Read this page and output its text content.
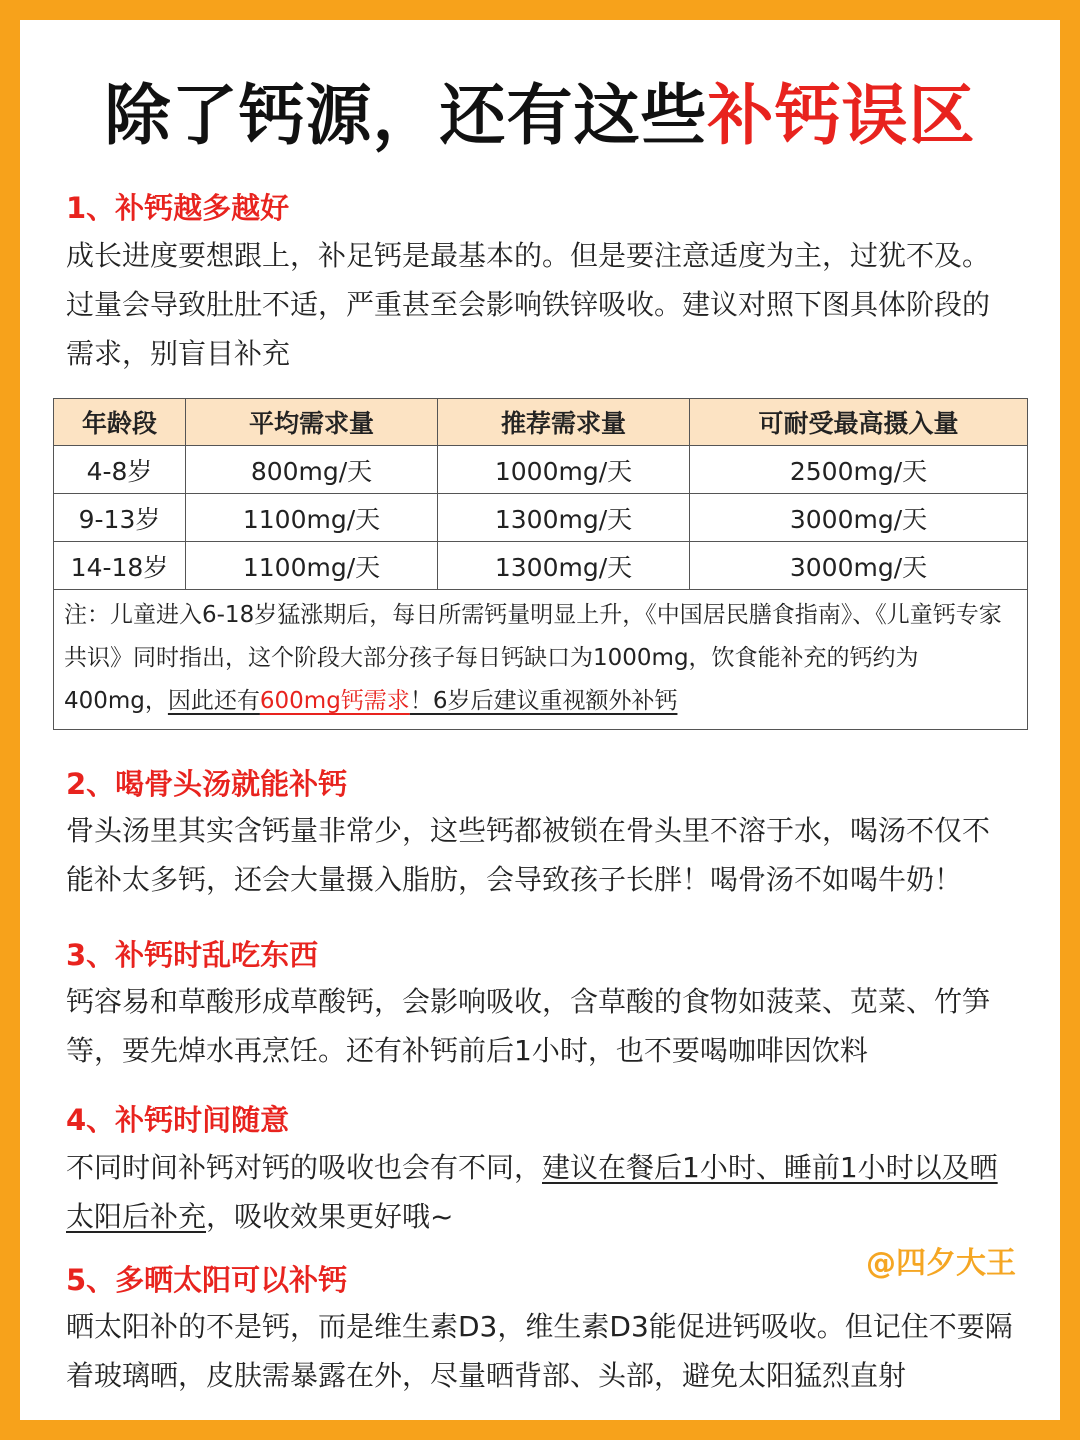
除了钙源，还有这些补钙误区
1、补钙越多越好
成长进度要想跟上，补足钙是最基本的。但是要注意适度为主，过犹不及。过量会导致肚肚不适，严重甚至会影响铁锌吸收。建议对照下图具体阶段的需求，别盲目补充
年龄段	平均需求量	推荐需求量	可耐受最高摄入量
4-8岁	800mg/天	1000mg/天	2500mg/天
9-13岁	1100mg/天	1300mg/天	3000mg/天
14-18岁	1100mg/天	1300mg/天	3000mg/天
注：儿童进入6-18岁猛涨期后，每日所需钙量明显上升，《中国居民膳食指南》、《儿童钙专家共识》同时指出，这个阶段大部分孩子每日钙缺口为1000mg，饮食能补充的钙约为400mg，因此还有600mg钙需求！6岁后建议重视额外补钙			
2、喝骨头汤就能补钙
骨头汤里其实含钙量非常少，这些钙都被锁在骨头里不溶于水，喝汤不仅不能补太多钙，还会大量摄入脂肪，会导致孩子长胖！喝骨汤不如喝牛奶！
3、补钙时乱吃东西
钙容易和草酸形成草酸钙，会影响吸收，含草酸的食物如菠菜、苋菜、竹笋等，要先焯水再烹饪。还有补钙前后1小时，也不要喝咖啡因饮料
4、补钙时间随意
不同时间补钙对钙的吸收也会有不同，建议在餐后1小时、睡前1小时以及晒太阳后补充，吸收效果更好哦~
@四夕大王
5、多晒太阳可以补钙
晒太阳补的不是钙，而是维生素D3，维生素D3能促进钙吸收。但记住不要隔着玻璃晒，皮肤需暴露在外，尽量晒背部、头部，避免太阳猛烈直射
